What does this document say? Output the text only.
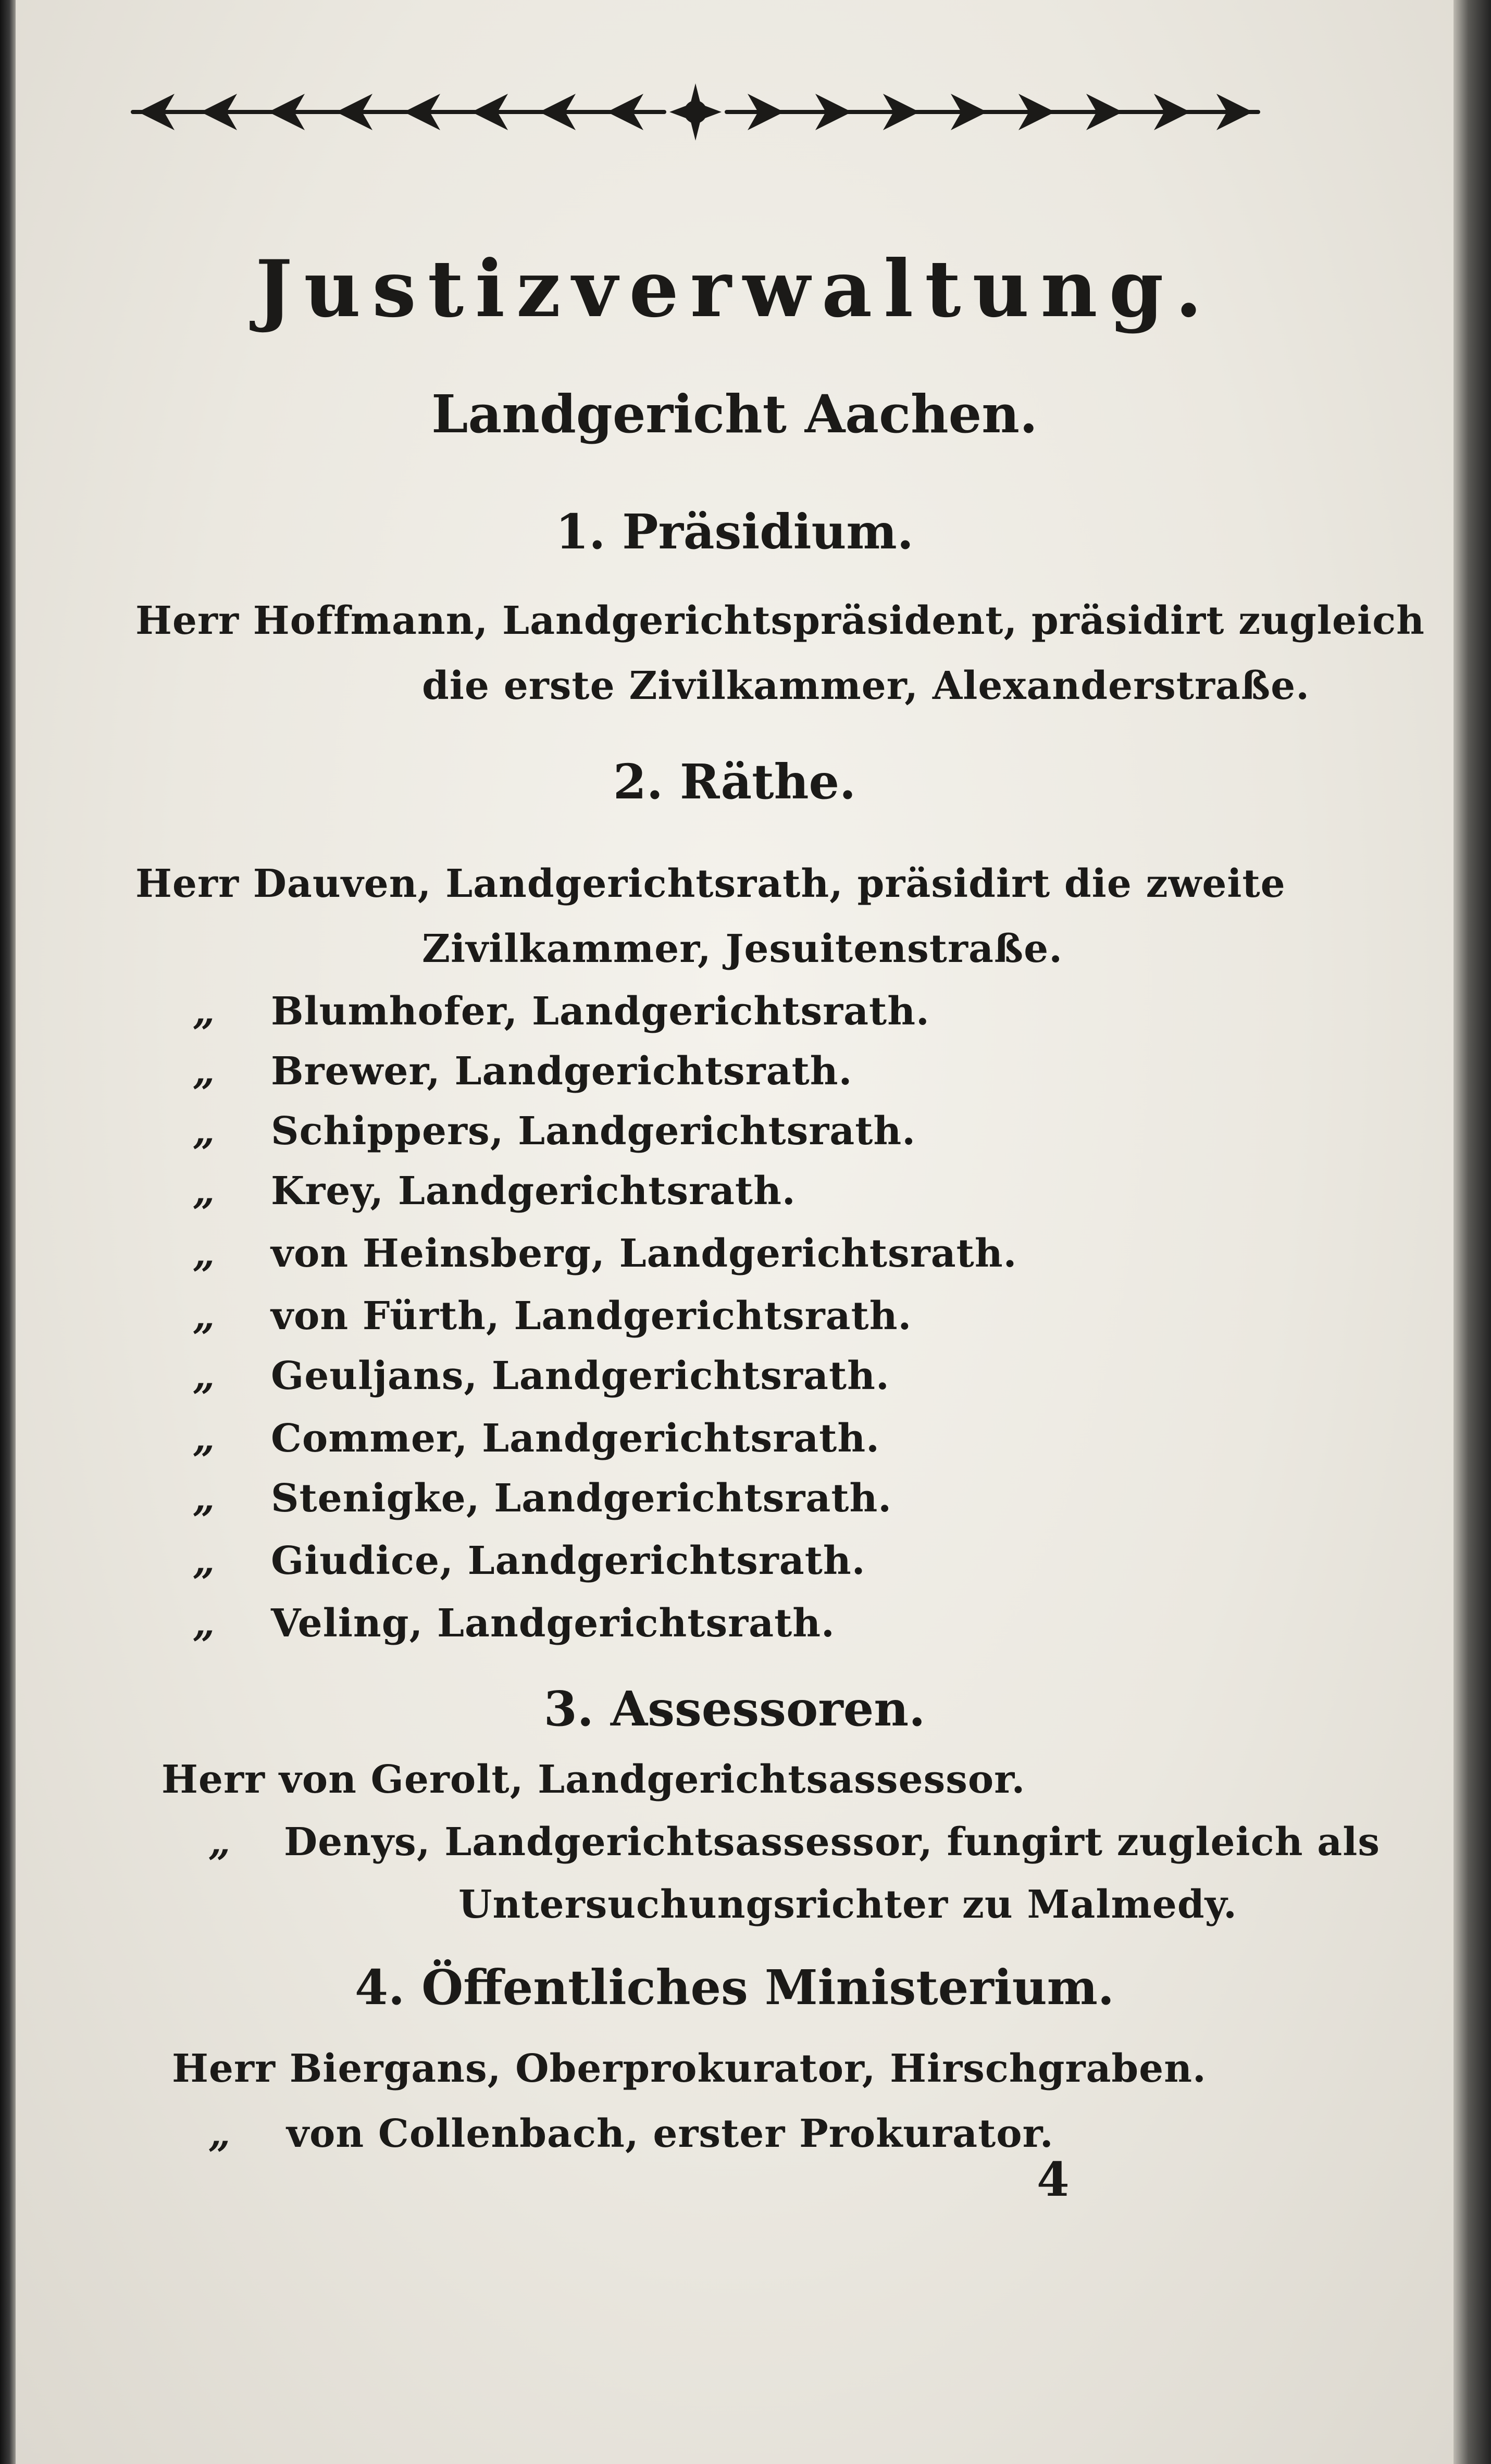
Justizverwaltung.
Landgericht Aachen.
1. Präsidium.
Herr Hoffmann, Landgerichtspräsident, präsidirt zugleich
die erste Zivilkammer, Alexanderstraße.
2. Räthe.
Herr Dauven, Landgerichtsrath, präsidirt die zweite
Zivilkammer, Jesuitenstraße.
„ Blumhofer, Landgerichtsrath.
„ Brewer, Landgerichtsrath.
„ Schippers, Landgerichtsrath.
„ Krey, Landgerichtsrath.
„ von Heinsberg, Landgerichtsrath.
„ von Fürth, Landgerichtsrath.
„ Geuljans, Landgerichtsrath.
„ Commer, Landgerichtsrath.
„ Stenigke, Landgerichtsrath.
„ Giudice, Landgerichtsrath.
„ Veling, Landgerichtsrath.
3. Assessoren.
Herr von Gerolt, Landgerichtsassessor.
„ Denys, Landgerichtsassessor, fungirt zugleich als
Untersuchungsrichter zu Malmedy.
4. Öffentliches Ministerium.
Herr Biergans, Oberprokurator, Hirschgraben.
„ von Collenbach, erster Prokurator.
4
